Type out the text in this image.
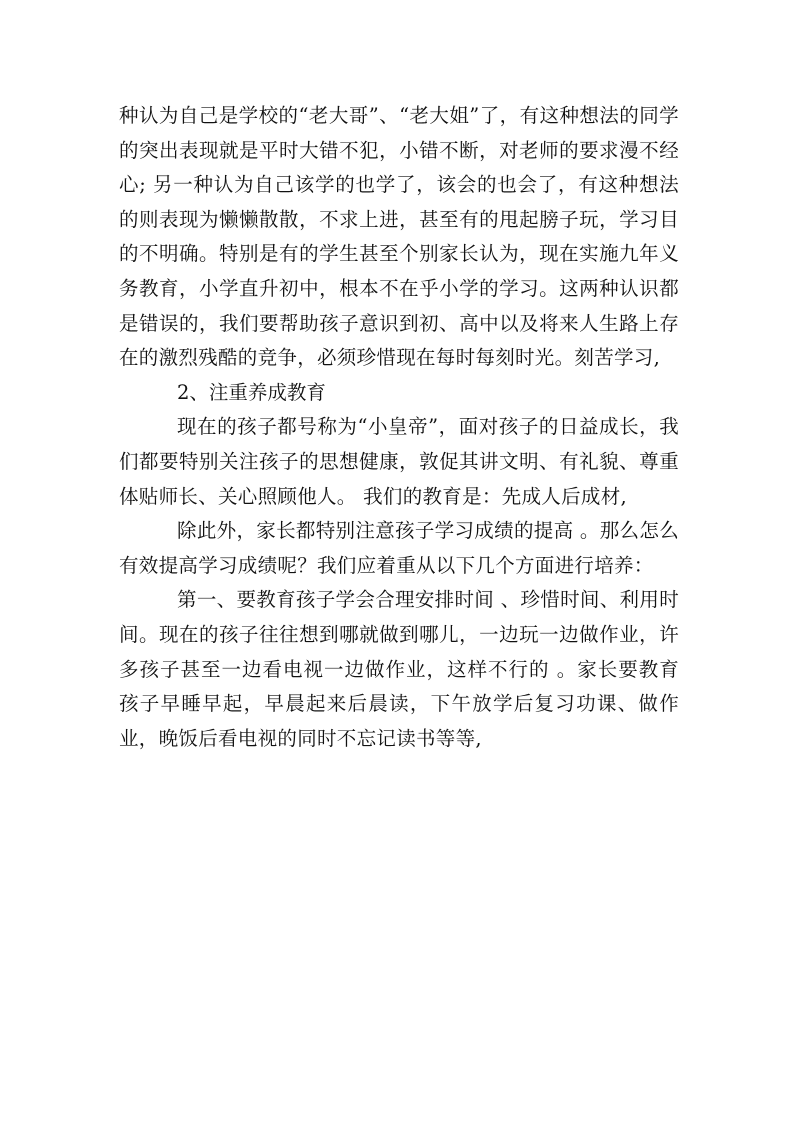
种认为自己是学校的“老大哥”、“老大姐”了，有这种想法的同学的突出表现就是平时大错不犯，小错不断，对老师的要求漫不经心; 另一种认为自己该学的也学了，该会的也会了，有这种想法的则表现为懒懒散散，不求上进，甚至有的甩起膀子玩，学习目的不明确。特别是有的学生甚至个别家长认为，现在实施九年义务教育，小学直升初中，根本不在乎小学的学习。这两种认识都是错误的，我们要帮助孩子意识到初、高中以及将来人生路上存在的激烈残酷的竞争，必须珍惜现在每时每刻时光。刻苦学习,

2、注重养成教育

现在的孩子都号称为“小皇帝”，面对孩子的日益成长，我们都要特别关注孩子的思想健康，敦促其讲文明、有礼貌、尊重体贴师长、关心照顾他人。 我们的教育是：先成人后成材,

除此外，家长都特别注意孩子学习成绩的提高 。那么怎么有效提高学习成绩呢？我们应着重从以下几个方面进行培养：

第一、要教育孩子学会合理安排时间 、珍惜时间、利用时间。现在的孩子往往想到哪就做到哪儿，一边玩一边做作业，许多孩子甚至一边看电视一边做作业，这样不行的 。家长要教育孩子早睡早起，早晨起来后晨读，下午放学后复习功课、做作业，晚饭后看电视的同时不忘记读书等等,
